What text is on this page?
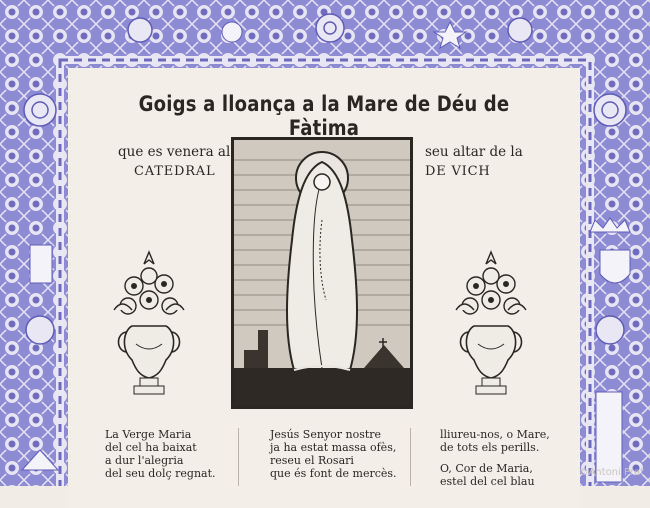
Goigs a lloança a la Mare de Déu de Fàtima
que es venera al
CATEDRAL
seu altar de la
DE VICH
La Verge Maria
del cel ha baixat
a dur l'alegria
del seu dolç regnat.
Jesús Senyor nostre
ja ha estat massa ofès,
reseu el Rosari
que és font de mercès.
lliureu-nos, o Mare,
de tots els perills.
O, Cor de Maria,
estel del cel blau
©Antoni Prat
